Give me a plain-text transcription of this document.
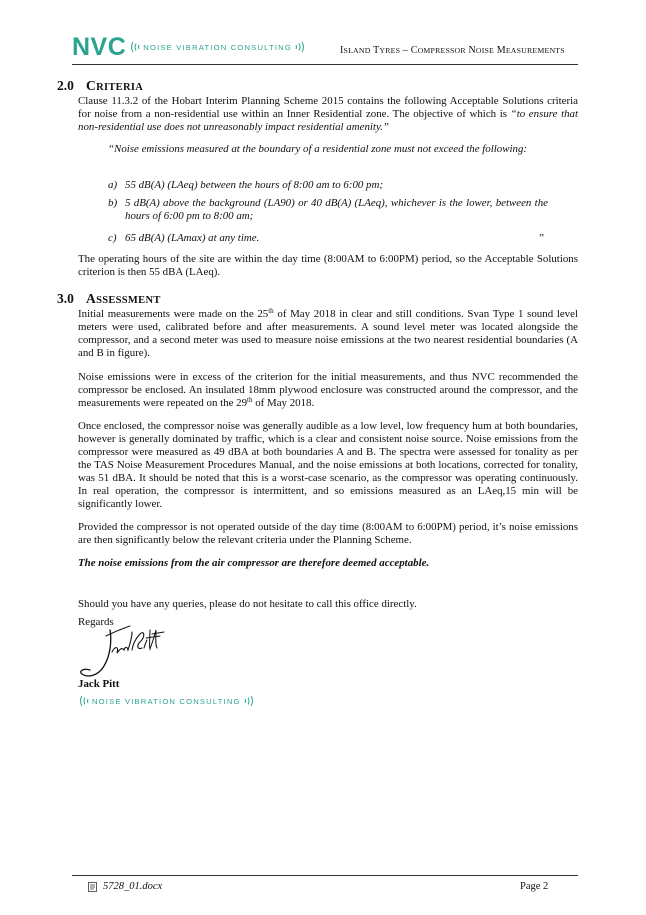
NVC NOISE VIBRATION CONSULTING	ISLAND TYRES – COMPRESSOR NOISE MEASUREMENTS
2.0 CRITERIA

Clause 11.3.2 of the Hobart Interim Planning Scheme 2015 contains the following Acceptable Solutions criteria for noise from a non-residential use within an Inner Residential zone. The objective of which is “to ensure that non-residential use does not unreasonably impact residential amenity.”

“Noise emissions measured at the boundary of a residential zone must not exceed the following:

a) 55 dB(A) (LAeq) between the hours of 8:00 am to 6:00 pm;
b) 5 dB(A) above the background (LA90) or 40 dB(A) (LAeq), whichever is the lower, between the hours of 6:00 pm to 8:00 am;
c) 65 dB(A) (LAmax) at any time.	”

The operating hours of the site are within the day time (8:00AM to 6:00PM) period, so the Acceptable Solutions criterion is then 55 dBA (LAeq).

3.0 ASSESSMENT

Initial measurements were made on the 25th of May 2018 in clear and still conditions. Svan Type 1 sound level meters were used, calibrated before and after measurements. A sound level meter was located alongside the compressor, and a second meter was used to measure noise emissions at the two nearest residential boundaries (A and B in figure).

Noise emissions were in excess of the criterion for the initial measurements, and thus NVC recommended the compressor be enclosed. An insulated 18mm plywood enclosure was constructed around the compressor, and the measurements were repeated on the 29th of May 2018.

Once enclosed, the compressor noise was generally audible as a low level, low frequency hum at both boundaries, however is generally dominated by traffic, which is a clear and consistent noise source. Noise emissions from the compressor were measured as 49 dBA at both boundaries A and B. The spectra were assessed for tonality as per the TAS Noise Measurement Procedures Manual, and the noise emissions at both locations, corrected for tonality, was 51 dBA. It should be noted that this is a worst-case scenario, as the compressor was operating continuously. In real operation, the compressor is intermittent, and so emissions measured as an LAeq,15 min will be significantly lower.

Provided the compressor is not operated outside of the day time (8:00AM to 6:00PM) period, it’s noise emissions are then significantly below the relevant criteria under the Planning Scheme.

The noise emissions from the air compressor are therefore deemed acceptable.

Should you have any queries, please do not hesitate to call this office directly.

Regards

Jack Pitt
NOISE VIBRATION CONSULTING
5728_01.docx	Page 2
